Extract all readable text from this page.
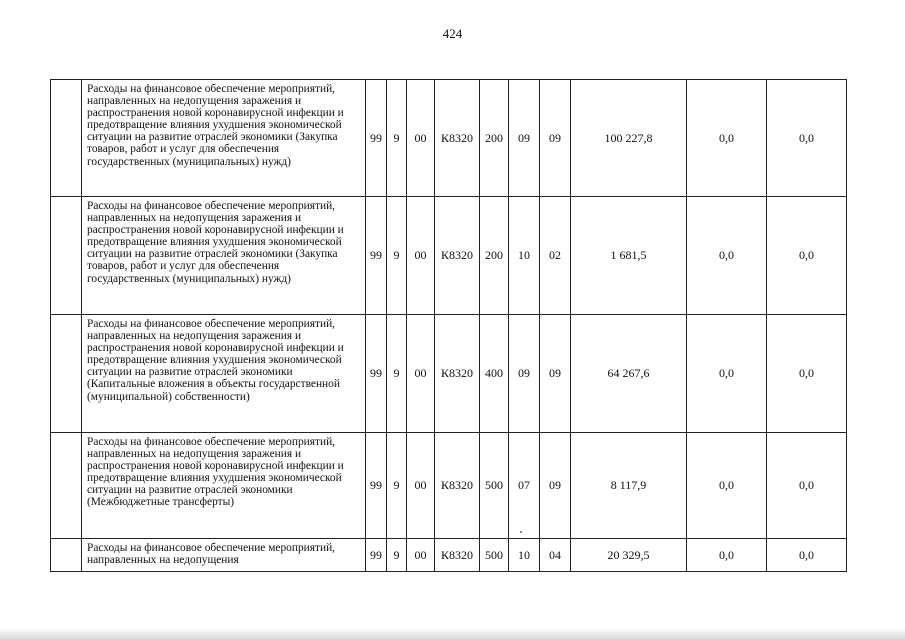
424
	Расходы на финансовое обеспечение мероприятий, направленных на недопущения заражения и распространения новой коронавирусной инфекции и предотвращение влияния ухудшения экономической ситуации на развитие отраслей экономики (Закупка товаров, работ и услуг для обеспечения государственных (муниципальных) нужд)	99	9	00	К8320	200	09	09	100 227,8	0,0	0,0
	Расходы на финансовое обеспечение мероприятий, направленных на недопущения заражения и распространения новой коронавирусной инфекции и предотвращение влияния ухудшения экономической ситуации на развитие отраслей экономики (Закупка товаров, работ и услуг для обеспечения государственных (муниципальных) нужд)	99	9	00	К8320	200	10	02	1 681,5	0,0	0,0
	Расходы на финансовое обеспечение мероприятий, направленных на недопущения заражения и распространения новой коронавирусной инфекции и предотвращение влияния ухудшения экономической ситуации на развитие отраслей экономики (Капитальные вложения в объекты государственной (муниципальной) собственности)	99	9	00	К8320	400	09	09	64 267,6	0,0	0,0
	Расходы на финансовое обеспечение мероприятий, направленных на недопущения заражения и распространения новой коронавирусной инфекции и предотвращение влияния ухудшения экономической ситуации на развитие отраслей экономики (Межбюджетные трансферты)	99	9	00	К8320	500	07	09	8 117,9	0,0	0,0
	Расходы на финансовое обеспечение мероприятий, направленных на недопущения	99	9	00	К8320	500	10	04	20 329,5	0,0	0,0
